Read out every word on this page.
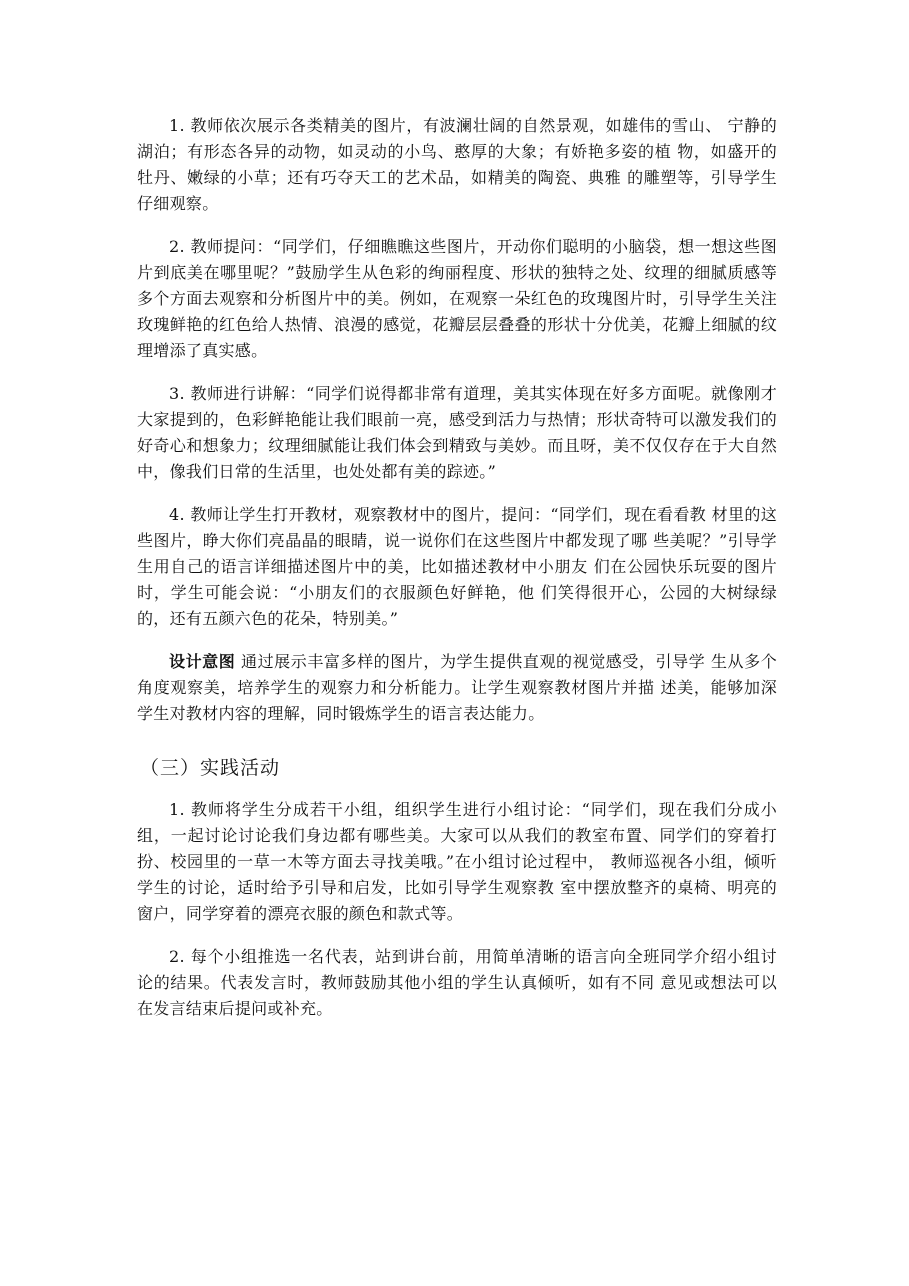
1. 教师依次展示各类精美的图片，有波澜壮阔的自然景观，如雄伟的雪山、 宁静的湖泊；有形态各异的动物，如灵动的小鸟、憨厚的大象；有娇艳多姿的植 物，如盛开的牡丹、嫩绿的小草；还有巧夺天工的艺术品，如精美的陶瓷、典雅 的雕塑等，引导学生仔细观察。

2. 教师提问：“同学们，仔细瞧瞧这些图片，开动你们聪明的小脑袋，想一想这些图片到底美在哪里呢？”鼓励学生从色彩的绚丽程度、形状的独特之处、纹理的细腻质感等多个方面去观察和分析图片中的美。例如，在观察一朵红色的玫瑰图片时，引导学生关注玫瑰鲜艳的红色给人热情、浪漫的感觉，花瓣层层叠叠的形状十分优美，花瓣上细腻的纹理增添了真实感。

3. 教师进行讲解：“同学们说得都非常有道理，美其实体现在好多方面呢。就像刚才大家提到的，色彩鲜艳能让我们眼前一亮，感受到活力与热情；形状奇特可以激发我们的好奇心和想象力；纹理细腻能让我们体会到精致与美妙。而且呀，美不仅仅存在于大自然中，像我们日常的生活里，也处处都有美的踪迹。”

4. 教师让学生打开教材，观察教材中的图片，提问：“同学们，现在看看教 材里的这些图片，睁大你们亮晶晶的眼睛，说一说你们在这些图片中都发现了哪 些美呢？”引导学生用自己的语言详细描述图片中的美，比如描述教材中小朋友 们在公园快乐玩耍的图片时，学生可能会说：“小朋友们的衣服颜色好鲜艳，他 们笑得很开心，公园的大树绿绿的，还有五颜六色的花朵，特别美。”

设计意图 通过展示丰富多样的图片，为学生提供直观的视觉感受，引导学 生从多个角度观察美，培养学生的观察力和分析能力。让学生观察教材图片并描 述美，能够加深学生对教材内容的理解，同时锻炼学生的语言表达能力。

（三）实践活动

1. 教师将学生分成若干小组，组织学生进行小组讨论：“同学们，现在我们分成小组，一起讨论讨论我们身边都有哪些美。大家可以从我们的教室布置、同学们的穿着打扮、校园里的一草一木等方面去寻找美哦。”在小组讨论过程中， 教师巡视各小组，倾听学生的讨论，适时给予引导和启发，比如引导学生观察教 室中摆放整齐的桌椅、明亮的窗户，同学穿着的漂亮衣服的颜色和款式等。

2. 每个小组推选一名代表，站到讲台前，用简单清晰的语言向全班同学介绍小组讨论的结果。代表发言时，教师鼓励其他小组的学生认真倾听，如有不同 意见或想法可以在发言结束后提问或补充。
